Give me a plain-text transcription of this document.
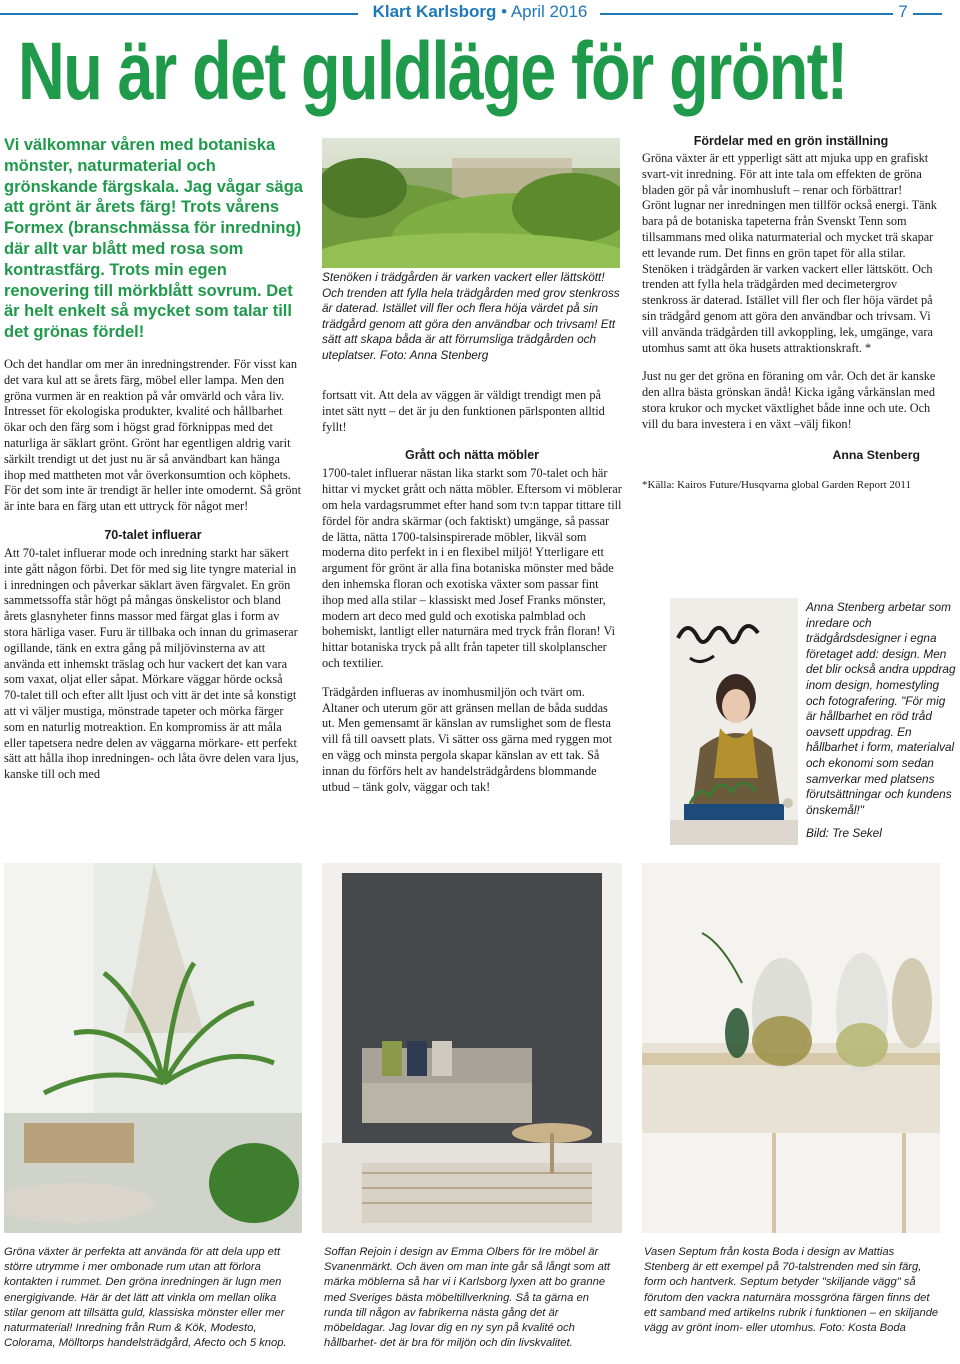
Klart Karlsborg • April 2016	7
Nu är det guldläge för grönt!
Vi välkomnar våren med botaniska mönster, naturmaterial och grönskande färgskala. Jag vågar säga att grönt är årets färg! Trots vårens Formex (branschmässa för inredning) där allt var blått med rosa som kontrastfärg. Trots min egen renovering till mörkblått sovrum. Det är helt enkelt så mycket som talar till det grönas fördel!

Och det handlar om mer än inredningstrender. För visst kan det vara kul att se årets färg, möbel eller lampa. Men den gröna vurmen är en reaktion på vår omvärld och våra liv. Intresset för ekologiska produkter, kvalité och hållbarhet ökar och den färg som i högst grad förknippas med det naturliga är säklart grönt. Grönt har egentligen aldrig varit särkilt trendigt ut det just nu är så användbart kan hänga ihop med mattheten mot vår överkonsumtion och köphets. För det som inte är trendigt är heller inte omodernt. Så grönt är inte bara en färg utan ett uttryck för något mer!

70-talet influerar

Att 70-talet influerar mode och inredning starkt har säkert inte gått någon förbi. Det för med sig lite tyngre material in i inredningen och påverkar säklart även färgvalet. En grön sammetssoffa står högt på mångas önskelistor och bland årets glasnyheter finns massor med färgat glas i form av stora härliga vaser. Furu är tillbaka och innan du grimaserar ogillande, tänk en extra gång på miljövinsterna av att använda ett inhemskt träslag och hur vackert det kan vara som vaxat, oljat eller såpat. Mörkare väggar hörde också 70-talet till och efter allt ljust och vitt är det inte så konstigt att vi väljer mustiga, mönstrade tapeter och mörka färger som en naturlig motreaktion. En kompromiss är att måla eller tapetsera nedre delen av väggarna mörkare- ett perfekt sätt att hålla ihop inredningen- och låta övre delen vara ljus, kanske till och med

Stenöken i trädgården är varken vackert eller lättskött! Och trenden att fylla hela trädgården med grov stenkross är daterad. Istället vill fler och flera höja värdet på sin trädgård genom att göra den användbar och trivsam! Ett sätt att skapa båda är att förrumsliga trädgården och uteplatser. Foto: Anna Stenberg

fortsatt vit. Att dela av väggen är väldigt trendigt men på intet sätt nytt – det är ju den funktionen pärlsponten alltid fyllt!

Grått och nätta möbler

1700-talet influerar nästan lika starkt som 70-talet och här hittar vi mycket grått och nätta möbler. Eftersom vi möblerar om hela vardagsrummet efter hand som tv:n tappar tittare till fördel för andra skärmar (och faktiskt) umgänge, så passar de lätta, nätta 1700-talsinspirerade möbler, likväl som moderna dito perfekt in i en flexibel miljö! Ytterligare ett argument för grönt är alla fina botaniska mönster med både den inhemska floran och exotiska växter som passar fint ihop med alla stilar – klassiskt med Josef Franks mönster, modern art deco med guld och exotiska palmblad och bohemiskt, lantligt eller naturnära med tryck från floran! Vi hittar botaniska tryck på allt från tapeter till skolplanscher och textilier.

Trädgården influeras av inomhusmiljön och tvärt om. Altaner och uterum gör att gränsen mellan de båda suddas ut. Men gemensamt är känslan av rumslighet som de flesta vill få till oavsett plats. Vi sätter oss gärna med ryggen mot en vägg och minsta pergola skapar känslan av ett tak. Så innan du förförs helt av handelsträdgårdens blommande utbud – tänk golv, väggar och tak!

Fördelar med en grön inställning
Gröna växter är ett ypperligt sätt att mjuka upp en grafiskt svart-vit inredning. För att inte tala om effekten de gröna bladen gör på vår inomhusluft – renar och förbättrar!
Grönt lugnar ner inredningen men tillför också energi. Tänk bara på de botaniska tapeterna från Svenskt Tenn som tillsammans med olika naturmaterial och mycket trä skapar ett levande rum. Det finns en grön tapet för alla stilar.
Stenöken i trädgården är varken vackert eller lättskött. Och trenden att fylla hela trädgården med decimetergrov stenkross är daterad. Istället vill fler och fler höja värdet på sin trädgård genom att göra den användbar och trivsam. Vi vill använda trädgården till avkoppling, lek, umgänge, vara utomhus samt att öka husets attraktionskraft. *
Just nu ger det gröna en föraning om vår. Och det är kanske den allra bästa grönskan ändå! Kicka igång vårkänslan med stora krukor och mycket växtlighet både inne och ute. Och vill du bara investera i en växt –välj fikon!
Anna Stenberg
*Källa: Kairos Future/Husqvarna global Garden Report 2011
Anna Stenberg arbetar som inredare och trädgårdsdesigner i egna företaget add: design. Men det blir också andra uppdrag inom design, homestyling och fotografering. "För mig är hållbarhet en röd tråd oavsett uppdrag. En hållbarhet i form, materialval och ekonomi som sedan samverkar med platsens förutsättningar och kundens önskemål!"
Bild: Tre Sekel
Gröna växter är perfekta att använda för att dela upp ett större utrymme i mer ombonade rum utan att förlora kontakten i rummet. Den gröna inredningen är lugn men energigivande. Här är det lätt att vinkla om mellan olika stilar genom att tillsätta guld, klassiska mönster eller mer naturmaterial! Inredning från Rum & Kök, Modesto, Colorama, Mölltorps handelsträdgård, Afecto och 5 knop.
Soffan Rejoin i design av Emma Olbers för Ire möbel är Svanenmärkt. Och även om man inte går så långt som att märka möblerna så har vi i Karlsborg lyxen att bo granne med Sveriges bästa möbeltillverkning. Så ta gärna en runda till någon av fabrikerna nästa gång det är möbeldagar. Jag lovar dig en ny syn på kvalité och hållbarhet- det är bra för miljön och din livskvalitet.
Vasen Septum från kosta Boda i design av Mattias Stenberg är ett exempel på 70-talstrenden med sin färg, form och hantverk. Septum betyder "skiljande vägg" så förutom den vackra naturnära mossgröna färgen finns det ett samband med artikelns rubrik i funktionen – en skiljande vägg av grönt inom- eller utomhus. Foto: Kosta Boda
